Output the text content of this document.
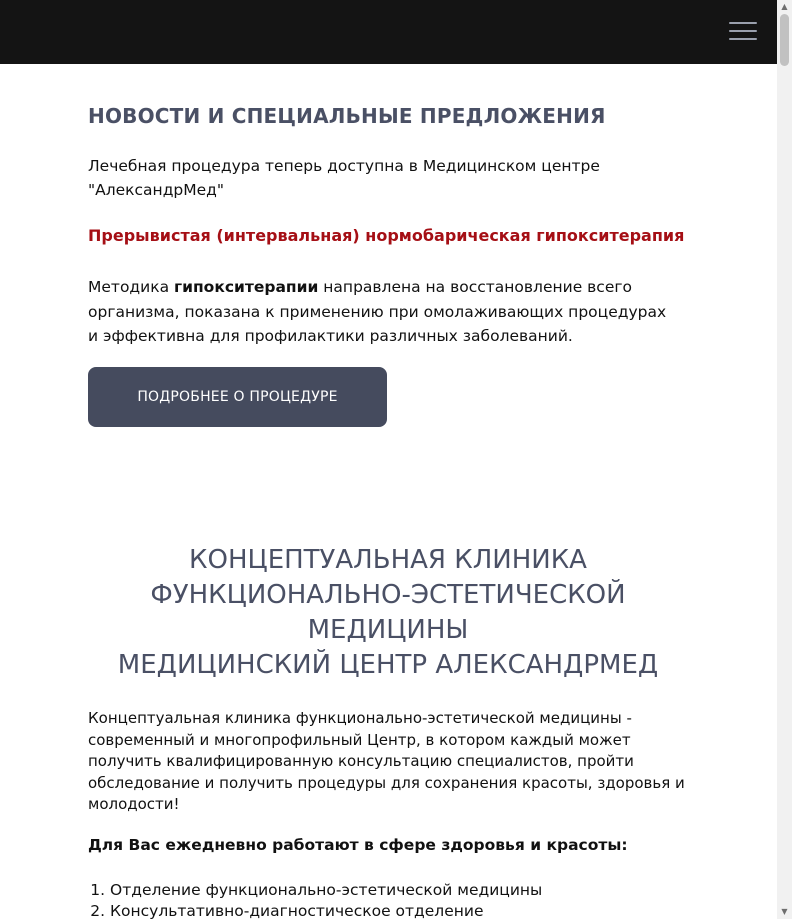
НОВОСТИ И СПЕЦИАЛЬНЫЕ ПРЕДЛОЖЕНИЯ

Лечебная процедура теперь доступна в Медицинском центре "АлександрМед"

Прерывистая (интервальная) нормобарическая гипокситерапия

Методика гипокситерапии направлена на восстановление всего организма, показана к применению при омолаживающих процедурах и эффективна для профилактики различных заболеваний.

ПОДРОБНЕЕ О ПРОЦЕДУРЕ
КОНЦЕПТУАЛЬНАЯ КЛИНИКА
ФУНКЦИОНАЛЬНО-ЭСТЕТИЧЕСКОЙ
МЕДИЦИНЫ
МЕДИЦИНСКИЙ ЦЕНТР АЛЕКСАНДРМЕД

Концептуальная клиника функционально-эстетической медицины - современный и многопрофильный Центр, в котором каждый может получить квалифицированную консультацию специалистов, пройти обследование и получить процедуры для сохранения красоты, здоровья и молодости!

Для Вас ежедневно работают в сфере здоровья и красоты:

1. Отделение функционально-эстетической медицины
2. Консультативно-диагностическое отделение
▲
▼
